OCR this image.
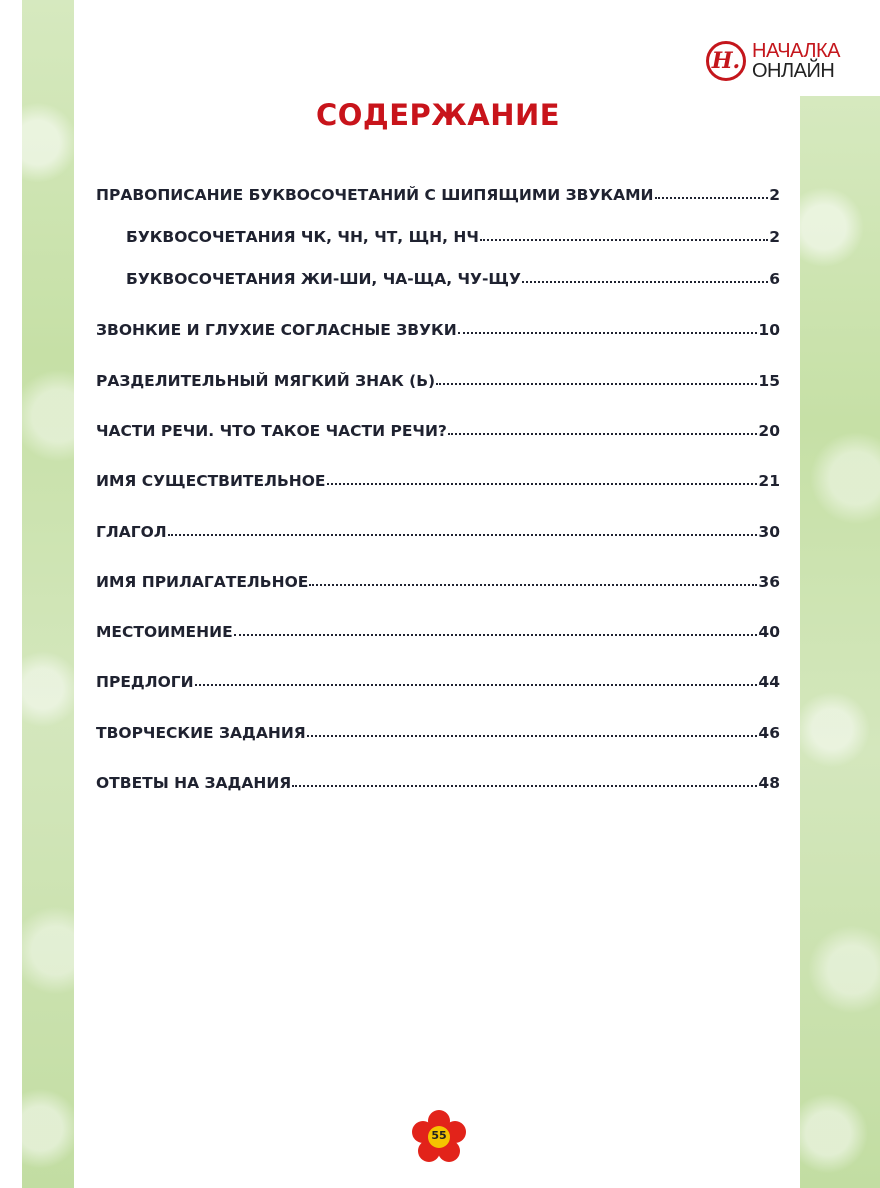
Н. НАЧАЛКА
ОНЛАЙН
СОДЕРЖАНИЕ
ПРАВОПИСАНИЕ БУКВОСОЧЕТАНИЙ С ШИПЯЩИМИ ЗВУКАМИ	2
БУКВОСОЧЕТАНИЯ ЧК, ЧН, ЧТ, ЩН, НЧ	2
БУКВОСОЧЕТАНИЯ ЖИ-ШИ, ЧА-ЩА, ЧУ-ЩУ	6
ЗВОНКИЕ И ГЛУХИЕ СОГЛАСНЫЕ ЗВУКИ	10
РАЗДЕЛИТЕЛЬНЫЙ МЯГКИЙ ЗНАК (Ь)	15
ЧАСТИ РЕЧИ. ЧТО ТАКОЕ ЧАСТИ РЕЧИ?	20
ИМЯ СУЩЕСТВИТЕЛЬНОЕ	21
ГЛАГОЛ	30
ИМЯ ПРИЛАГАТЕЛЬНОЕ	36
МЕСТОИМЕНИЕ	40
ПРЕДЛОГИ	44
ТВОРЧЕСКИЕ ЗАДАНИЯ	46
ОТВЕТЫ НА ЗАДАНИЯ	48
55
